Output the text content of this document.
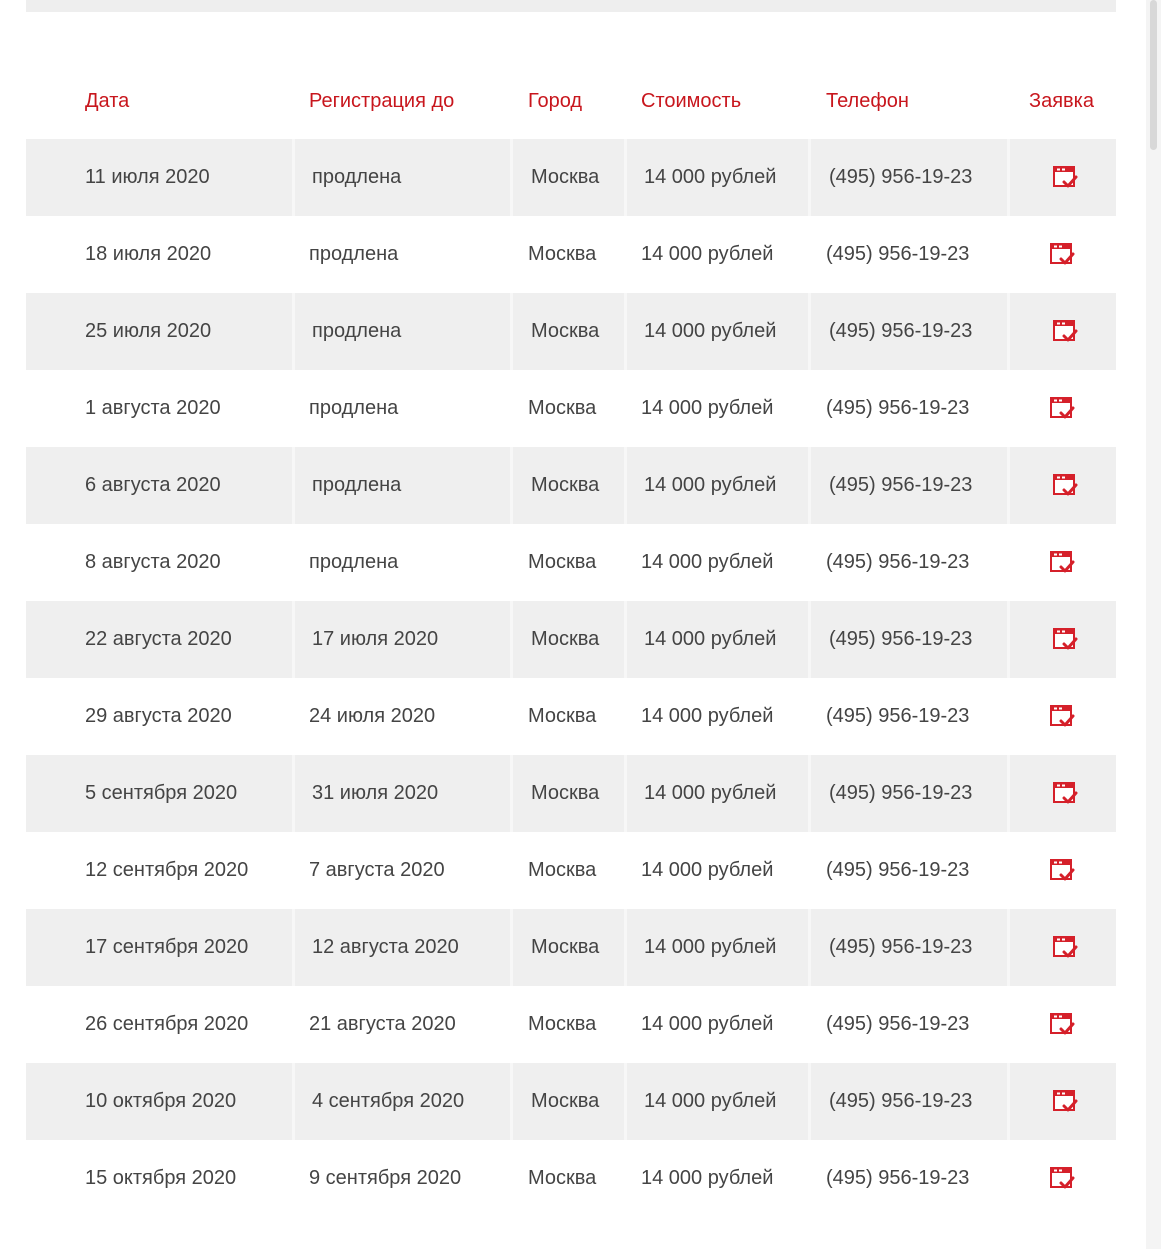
Дата	Регистрация до	Город	Стоимость	Телефон	Заявка
11 июля 2020	продлена	Москва	14 000 рублей	(495) 956-19-23
18 июля 2020	продлена	Москва	14 000 рублей	(495) 956-19-23
25 июля 2020	продлена	Москва	14 000 рублей	(495) 956-19-23
1 августа 2020	продлена	Москва	14 000 рублей	(495) 956-19-23
6 августа 2020	продлена	Москва	14 000 рублей	(495) 956-19-23
8 августа 2020	продлена	Москва	14 000 рублей	(495) 956-19-23
22 августа 2020	17 июля 2020	Москва	14 000 рублей	(495) 956-19-23
29 августа 2020	24 июля 2020	Москва	14 000 рублей	(495) 956-19-23
5 сентября 2020	31 июля 2020	Москва	14 000 рублей	(495) 956-19-23
12 сентября 2020	7 августа 2020	Москва	14 000 рублей	(495) 956-19-23
17 сентября 2020	12 августа 2020	Москва	14 000 рублей	(495) 956-19-23
26 сентября 2020	21 августа 2020	Москва	14 000 рублей	(495) 956-19-23
10 октября 2020	4 сентября 2020	Москва	14 000 рублей	(495) 956-19-23
15 октября 2020	9 сентября 2020	Москва	14 000 рублей	(495) 956-19-23
